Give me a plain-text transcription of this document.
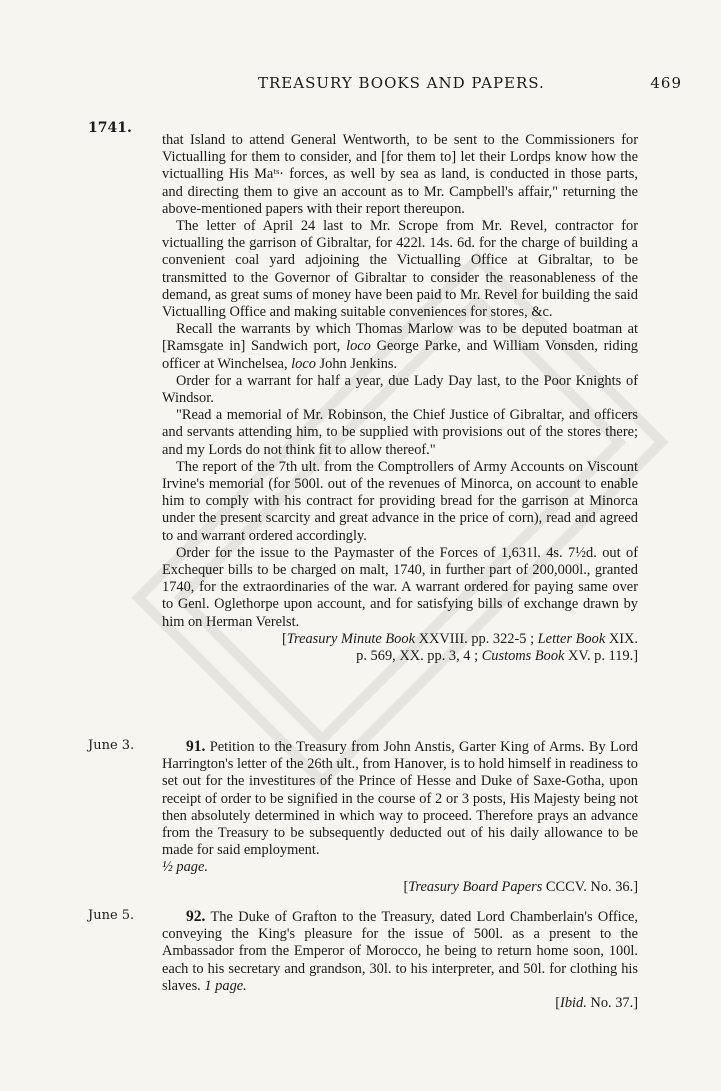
TREASURY BOOKS AND PAPERS.	469
1741.
June 3.
June 5.

that Island to attend General Wentworth, to be sent to the Commissioners for Victualling for them to consider, and [for them to] let their Lordps know how the victualling His Maᵗˢ· forces, as well by sea as land, is conducted in those parts, and directing them to give an account as to Mr. Campbell's affair," returning the above-mentioned papers with their report thereupon.

The letter of April 24 last to Mr. Scrope from Mr. Revel, contractor for victualling the garrison of Gibraltar, for 422l. 14s. 6d. for the charge of building a convenient coal yard adjoining the Victualling Office at Gibraltar, to be transmitted to the Governor of Gibraltar to consider the reasonableness of the demand, as great sums of money have been paid to Mr. Revel for building the said Victualling Office and making suitable conveniences for stores, &c.

Recall the warrants by which Thomas Marlow was to be deputed boatman at [Ramsgate in] Sandwich port, loco George Parke, and William Vonsden, riding officer at Winchelsea, loco John Jenkins.

Order for a warrant for half a year, due Lady Day last, to the Poor Knights of Windsor.

"Read a memorial of Mr. Robinson, the Chief Justice of Gibraltar, and officers and servants attending him, to be supplied with provisions out of the stores there; and my Lords do not think fit to allow thereof."

The report of the 7th ult. from the Comptrollers of Army Accounts on Viscount Irvine's memorial (for 500l. out of the revenues of Minorca, on account to enable him to comply with his contract for providing bread for the garrison at Minorca under the present scarcity and great advance in the price of corn), read and agreed to and warrant ordered accordingly.

Order for the issue to the Paymaster of the Forces of 1,631l. 4s. 7½d. out of Exchequer bills to be charged on malt, 1740, in further part of 200,000l., granted 1740, for the extraordinaries of the war. A warrant ordered for paying same over to Genl. Oglethorpe upon account, and for satisfying bills of exchange drawn by him on Herman Verelst.

[Treasury Minute Book XXVIII. pp. 322-5 ; Letter Book XIX.
p. 569, XX. pp. 3, 4 ; Customs Book XV. p. 119.]

91. Petition to the Treasury from John Anstis, Garter King of Arms. By Lord Harrington's letter of the 26th ult., from Hanover, is to hold himself in readiness to set out for the investitures of the Prince of Hesse and Duke of Saxe-Gotha, upon receipt of order to be signified in the course of 2 or 3 posts, His Majesty being not then absolutely determined in which way to proceed. Therefore prays an advance from the Treasury to be subsequently deducted out of his daily allowance to be made for said employment.

½ page.

[Treasury Board Papers CCCV. No. 36.]

92. The Duke of Grafton to the Treasury, dated Lord Chamberlain's Office, conveying the King's pleasure for the issue of 500l. as a present to the Ambassador from the Emperor of Morocco, he being to return home soon, 100l. each to his secretary and grandson, 30l. to his interpreter, and 50l. for clothing his slaves. 1 page.

[Ibid. No. 37.]
